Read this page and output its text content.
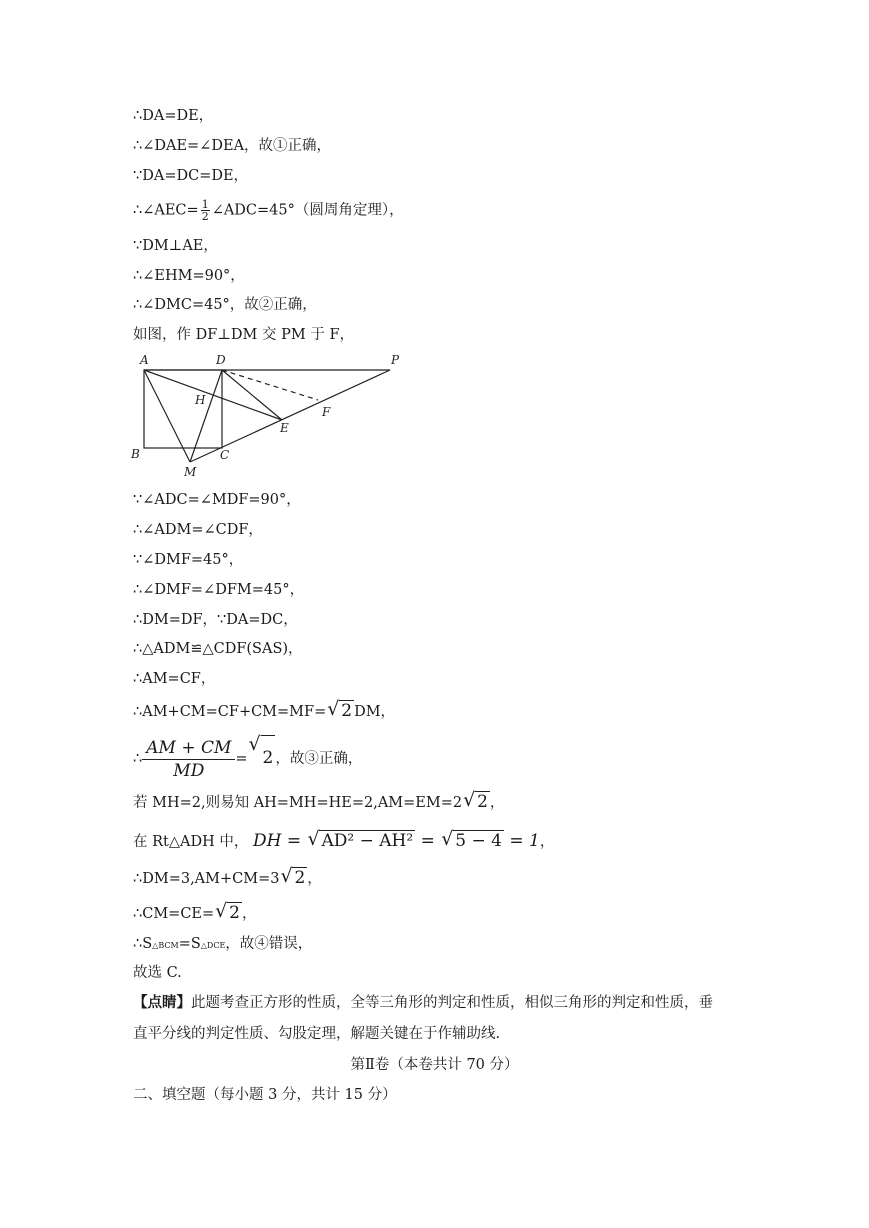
∴DA=DE，
∴∠DAE=∠DEA，故①正确，
∵DA=DC=DE，
∴∠AEC= $\frac{1}{2}$ ∠ADC=45°（圆周角定理），
∵DM⊥AE，
∴∠EHM=90°，
∴∠DMC=45°，故②正确，
如图，作 DF⊥DM 交 PM 于 F，
A	D	P
H
F
E
B	C
M
∵∠ADC=∠MDF=90°，
∴∠ADM=∠CDF，
∵∠DMF=45°，
∴∠DMF=∠DFM=45°，
∴DM=DF，∵DA=DC，
∴△ADM≌△CDF(SAS)，
∴AM=CF，
∴AM+CM=CF+CM=MF= √ 2 DM，
∴ $\frac{AM + CM}{MD}$ =
√
2 ，故③正确，
若 MH=2,则易知 AH=MH=HE=2,AM=EM=2 √ 2 ，
在 Rt△ADH 中， DH = √ AD² − AH² = √ 5 − 4 = 1，
∴DM=3,AM+CM=3 √ 2 ，
∴CM=CE= √ 2 ，
∴S△BCM=S△DCE，故④错误，
故选 C.
【点睛】此题考查正方形的性质，全等三角形的判定和性质，相似三角形的判定和性质，垂
直平分线的判定性质、勾股定理，解题关键在于作辅助线.
第Ⅱ卷（本卷共计 70 分）
二、填空题（每小题 3 分，共计 15 分）
